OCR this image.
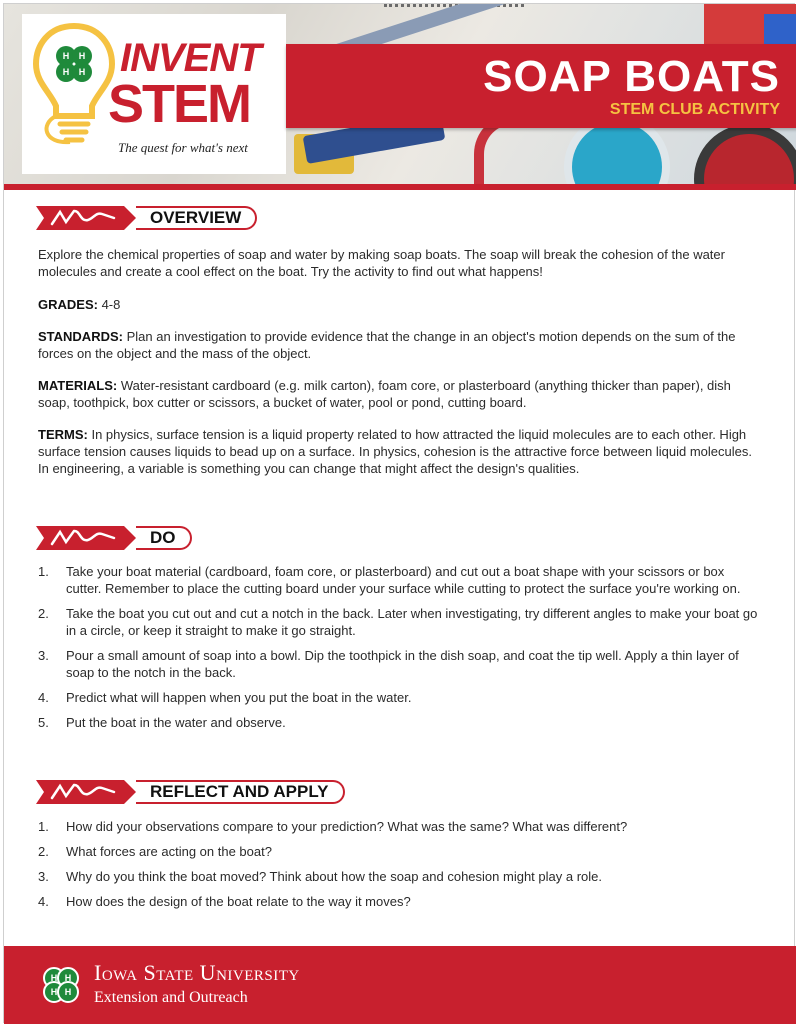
H H
H H INVENT
STEM
The quest for what's next
SOAP BOATS
STEM CLUB ACTIVITY
OVERVIEW

Explore the chemical properties of soap and water by making soap boats. The soap will break the cohesion of the water molecules and create a cool effect on the boat. Try the activity to find out what happens!

GRADES: 4-8

STANDARDS: Plan an investigation to provide evidence that the change in an object's motion depends on the sum of the forces on the object and the mass of the object.

MATERIALS: Water-resistant cardboard (e.g. milk carton), foam core, or plasterboard (anything thicker than paper), dish soap, toothpick, box cutter or scissors, a bucket of water, pool or pond, cutting board.

TERMS: In physics, surface tension is a liquid property related to how attracted the liquid molecules are to each other. High surface tension causes liquids to bead up on a surface. In physics, cohesion is the attractive force between liquid molecules. In engineering, a variable is something you can change that might affect the design's qualities.

DO
1. Take your boat material (cardboard, foam core, or plasterboard) and cut out a boat shape with your scissors or box cutter. Remember to place the cutting board under your surface while cutting to protect the surface you're working on.
2. Take the boat you cut out and cut a notch in the back. Later when investigating, try different angles to make your boat go in a circle, or keep it straight to make it go straight.
3. Pour a small amount of soap into a bowl. Dip the toothpick in the dish soap, and coat the tip well. Apply a thin layer of soap to the notch in the back.
4. Predict what will happen when you put the boat in the water.
5. Put the boat in the water and observe.
REFLECT AND APPLY
1. How did your observations compare to your prediction? What was the same? What was different?
2. What forces are acting on the boat?
3. Why do you think the boat moved? Think about how the soap and cohesion might play a role.
4. How does the design of the boat relate to the way it moves?
H H
H H
Iowa State University
Extension and Outreach
